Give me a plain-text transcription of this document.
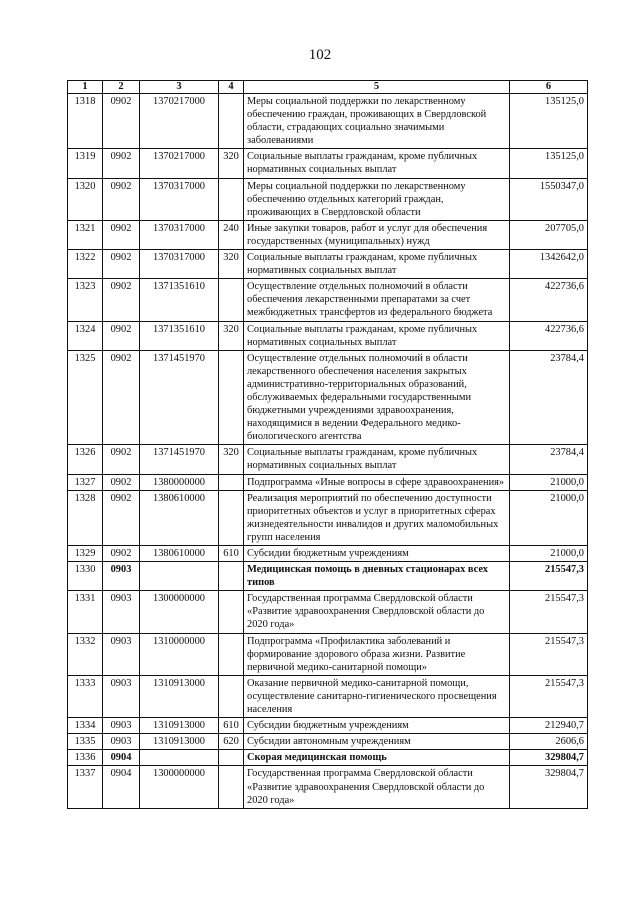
102
1	2	3	4	5	6
1318	0902	1370217000		Меры социальной поддержки по лекарственному обеспечению граждан, проживающих в Свердловской области, страдающих социально значимыми заболеваниями	135125,0
1319	0902	1370217000	320	Социальные выплаты гражданам, кроме публичных нормативных социальных выплат	135125,0
1320	0902	1370317000		Меры социальной поддержки по лекарственному обеспечению отдельных категорий граждан, проживающих в Свердловской области	1550347,0
1321	0902	1370317000	240	Иные закупки товаров, работ и услуг для обеспечения государственных (муниципальных) нужд	207705,0
1322	0902	1370317000	320	Социальные выплаты гражданам, кроме публичных нормативных социальных выплат	1342642,0
1323	0902	1371351610		Осуществление отдельных полномочий в области обеспечения лекарственными препаратами за счет межбюджетных трансфертов из федерального бюджета	422736,6
1324	0902	1371351610	320	Социальные выплаты гражданам, кроме публичных нормативных социальных выплат	422736,6
1325	0902	1371451970		Осуществление отдельных полномочий в области лекарственного обеспечения населения закрытых административно-территориальных образований, обслуживаемых федеральными государственными бюджетными учреждениями здравоохранения, находящимися в ведении Федерального медико-биологического агентства	23784,4
1326	0902	1371451970	320	Социальные выплаты гражданам, кроме публичных нормативных социальных выплат	23784,4
1327	0902	1380000000		Подпрограмма «Иные вопросы в сфере здравоохранения»	21000,0
1328	0902	1380610000		Реализация мероприятий по обеспечению доступности приоритетных объектов и услуг в приоритетных сферах жизнедеятельности инвалидов и других маломобильных групп населения	21000,0
1329	0902	1380610000	610	Субсидии бюджетным учреждениям	21000,0
1330	0903			Медицинская помощь в дневных стационарах всех типов	215547,3
1331	0903	1300000000		Государственная программа Свердловской области «Развитие здравоохранения Свердловской области до 2020 года»	215547,3
1332	0903	1310000000		Подпрограмма «Профилактика заболеваний и формирование здорового образа жизни. Развитие первичной медико-санитарной помощи»	215547,3
1333	0903	1310913000		Оказание первичной медико-санитарной помощи, осуществление санитарно-гигиенического просвещения населения	215547,3
1334	0903	1310913000	610	Субсидии бюджетным учреждениям	212940,7
1335	0903	1310913000	620	Субсидии автономным учреждениям	2606,6
1336	0904			Скорая медицинская помощь	329804,7
1337	0904	1300000000		Государственная программа Свердловской области «Развитие здравоохранения Свердловской области до 2020 года»	329804,7
